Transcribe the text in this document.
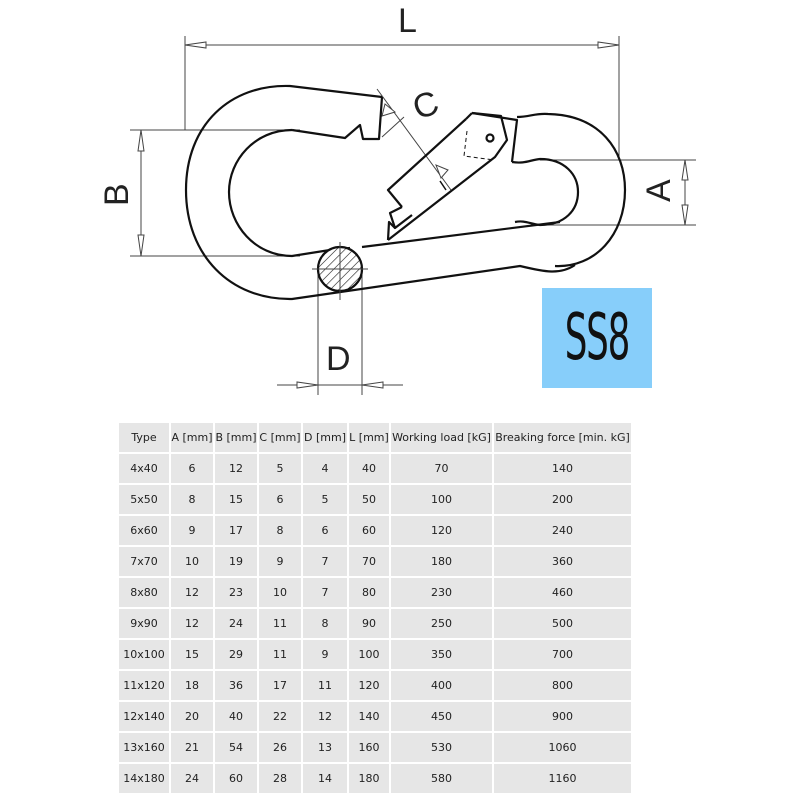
L
B	A
D
C
SS8
Type	A [mm]	B [mm]	C [mm]	D [mm]	L [mm]	Working load [kG]	Breaking force [min. kG]
4x40	6	12	5	4	40	70	140
5x50	8	15	6	5	50	100	200
6x60	9	17	8	6	60	120	240
7x70	10	19	9	7	70	180	360
8x80	12	23	10	7	80	230	460
9x90	12	24	11	8	90	250	500
10x100	15	29	11	9	100	350	700
11x120	18	36	17	11	120	400	800
12x140	20	40	22	12	140	450	900
13x160	21	54	26	13	160	530	1060
14x180	24	60	28	14	180	580	1160
